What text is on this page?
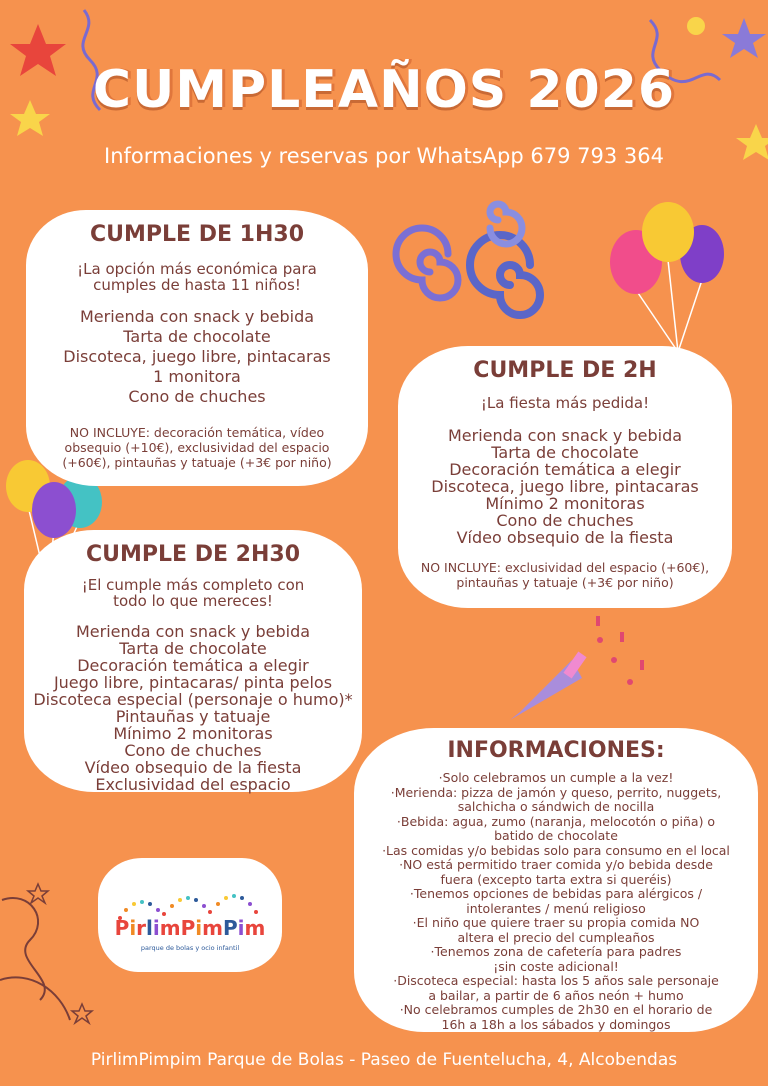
CUMPLEAÑOS 2026
Informaciones y reservas por WhatsApp 679 793 364
CUMPLE DE 1H30
¡La opción más económica para
cumples de hasta 11 niños!
Merienda con snack y bebida
Tarta de chocolate
Discoteca, juego libre, pintacaras
1 monitora
Cono de chuches
NO INCLUYE: decoración temática, vídeo obsequio (+10€), exclusividad del espacio (+60€), pintauñas y tatuaje (+3€ por niño)
CUMPLE DE 2H
¡La fiesta más pedida!
Merienda con snack y bebida
Tarta de chocolate
Decoración temática a elegir
Discoteca, juego libre, pintacaras
Mínimo 2 monitoras
Cono de chuches
Vídeo obsequio de la fiesta
NO INCLUYE: exclusividad del espacio (+60€), pintauñas y tatuaje (+3€ por niño)
CUMPLE DE 2H30
¡El cumple más completo con
todo lo que mereces!
Merienda con snack y bebida
Tarta de chocolate
Decoración temática a elegir
Juego libre, pintacaras/ pinta pelos
Discoteca especial (personaje o humo)*
Pintauñas y tatuaje
Mínimo 2 monitoras
Cono de chuches
Vídeo obsequio de la fiesta
Exclusividad del espacio
INFORMACIONES:
·Solo celebramos un cumple a la vez!
·Merienda: pizza de jamón y queso, perrito, nuggets,
salchicha o sándwich de nocilla
·Bebida: agua, zumo (naranja, melocotón o piña) o
batido de chocolate
·Las comidas y/o bebidas solo para consumo en el local
·NO está permitido traer comida y/o bebida desde
fuera (excepto tarta extra si queréis)
·Tenemos opciones de bebidas para alérgicos /
intolerantes / menú religioso
·El niño que quiere traer su propia comida NO
altera el precio del cumpleaños
·Tenemos zona de cafetería para padres
¡sin coste adicional!
·Discoteca especial: hasta los 5 años sale personaje
a bailar, a partir de 6 años neón + humo
·No celebramos cumples de 2h30 en el horario de
16h a 18h a los sábados y domingos
PirlimPimPim
parque de bolas y ocio infantil
PirlimPimpim Parque de Bolas - Paseo de Fuentelucha, 4, Alcobendas
